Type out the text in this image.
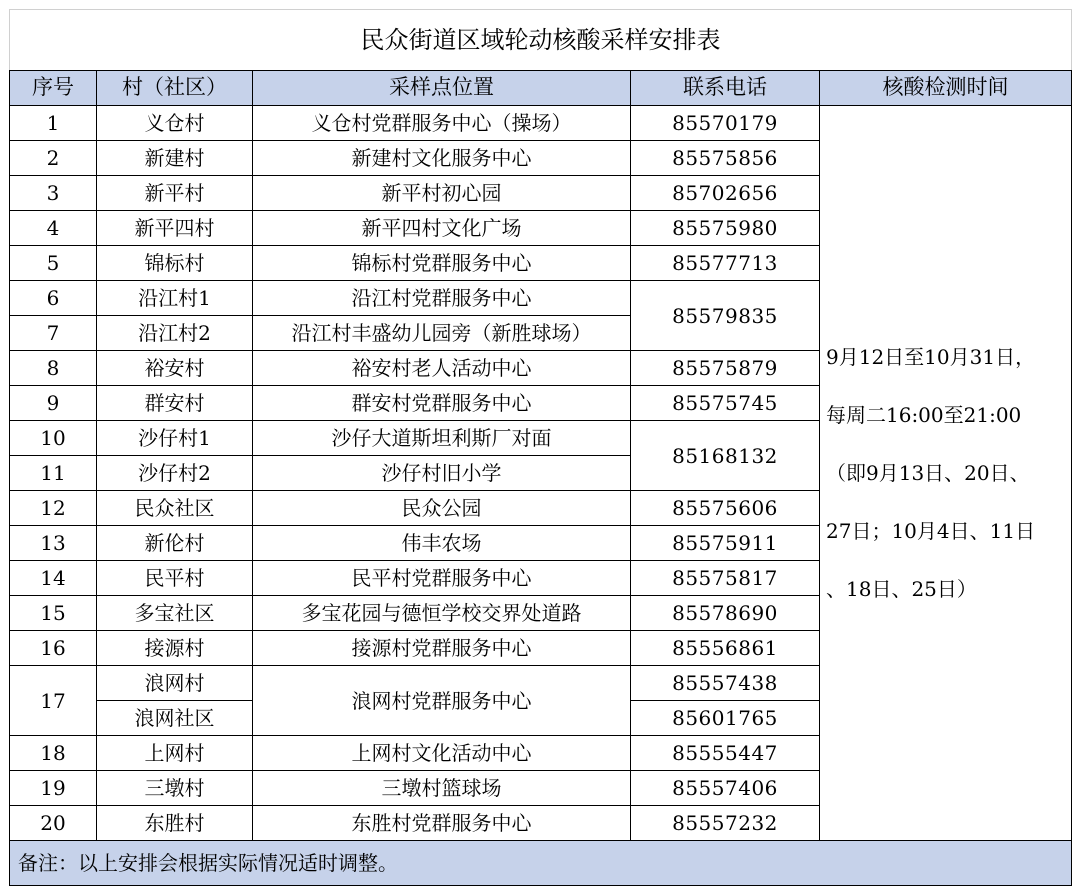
民众街道区域轮动核酸采样安排表				
序号	村（社区）	采样点位置	联系电话	核酸检测时间
1	义仓村	义仓村党群服务中心（操场）	85570179	9月12日至10月31日，
每周二16:00至21:00
（即9月13日、20日、
27日；10月4日、11日
、18日、25日）

2	新建村	新建村文化服务中心	85575856	
3	新平村	新平村初心园	85702656	
4	新平四村	新平四村文化广场	85575980	
5	锦标村	锦标村党群服务中心	85577713	
6	沿江村1	沿江村党群服务中心	85579835	
7	沿江村2	沿江村丰盛幼儿园旁（新胜球场）		
8	裕安村	裕安村老人活动中心	85575879	
9	群安村	群安村党群服务中心	85575745	
10	沙仔村1	沙仔大道斯坦利斯厂对面	85168132	
11	沙仔村2	沙仔村旧小学		
12	民众社区	民众公园	85575606	
13	新伦村	伟丰农场	85575911	
14	民平村	民平村党群服务中心	85575817	
15	多宝社区	多宝花园与德恒学校交界处道路	85578690	
16	接源村	接源村党群服务中心	85556861	
17	浪网村	浪网村党群服务中心	85557438	
	浪网社区		85601765	
18	上网村	上网村文化活动中心	85555447	
19	三墩村	三墩村篮球场	85557406	
20	东胜村	东胜村党群服务中心	85557232	
备注：以上安排会根据实际情况适时调整。				
